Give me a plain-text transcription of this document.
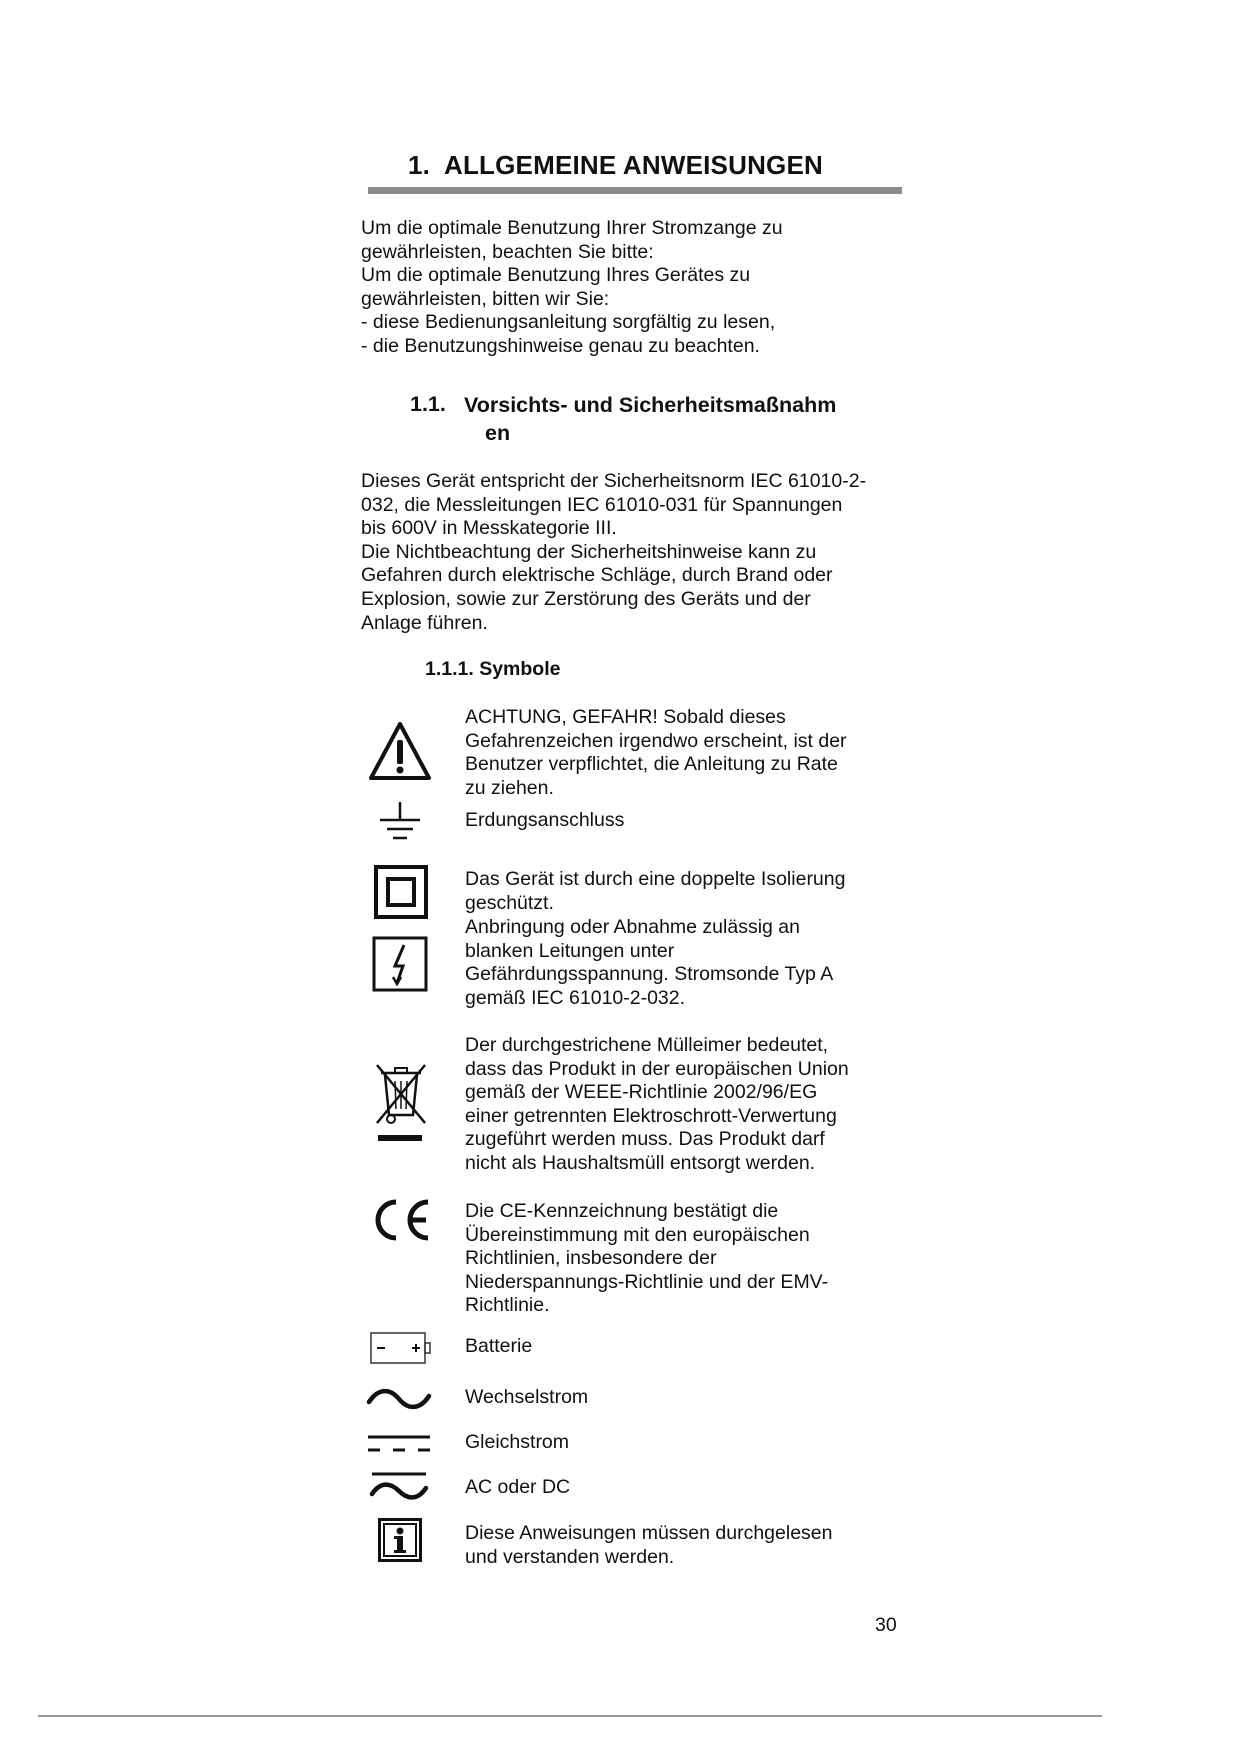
1. ALLGEMEINE ANWEISUNGEN
Um die optimale Benutzung Ihrer Stromzange zu
gewährleisten, beachten Sie bitte:
Um die optimale Benutzung Ihres Gerätes zu
gewährleisten, bitten wir Sie:
- diese Bedienungsanleitung sorgfältig zu lesen,
- die Benutzungshinweise genau zu beachten.
1.1. Vorsichts- und Sicherheitsmaßnahm
en
Dieses Gerät entspricht der Sicherheitsnorm IEC 61010-2-
032, die Messleitungen IEC 61010-031 für Spannungen
bis 600V in Messkategorie III.
Die Nichtbeachtung der Sicherheitshinweise kann zu
Gefahren durch elektrische Schläge, durch Brand oder
Explosion, sowie zur Zerstörung des Geräts und der
Anlage führen.
1.1.1. Symbole
ACHTUNG, GEFAHR! Sobald dieses
Gefahrenzeichen irgendwo erscheint, ist der
Benutzer verpflichtet, die Anleitung zu Rate
zu ziehen.
Erdungsanschluss
Das Gerät ist durch eine doppelte Isolierung
geschützt.
Anbringung oder Abnahme zulässig an
blanken Leitungen unter
Gefährdungsspannung. Stromsonde Typ A
gemäß IEC 61010-2-032.
Der durchgestrichene Mülleimer bedeutet,
dass das Produkt in der europäischen Union
gemäß der WEEE-Richtlinie 2002/96/EG
einer getrennten Elektroschrott-Verwertung
zugeführt werden muss. Das Produkt darf
nicht als Haushaltsmüll entsorgt werden.
Die CE-Kennzeichnung bestätigt die
Übereinstimmung mit den europäischen
Richtlinien, insbesondere der
Niederspannungs-Richtlinie und der EMV-
Richtlinie.
Batterie
Wechselstrom
Gleichstrom
AC oder DC
Diese Anweisungen müssen durchgelesen
und verstanden werden.
30
